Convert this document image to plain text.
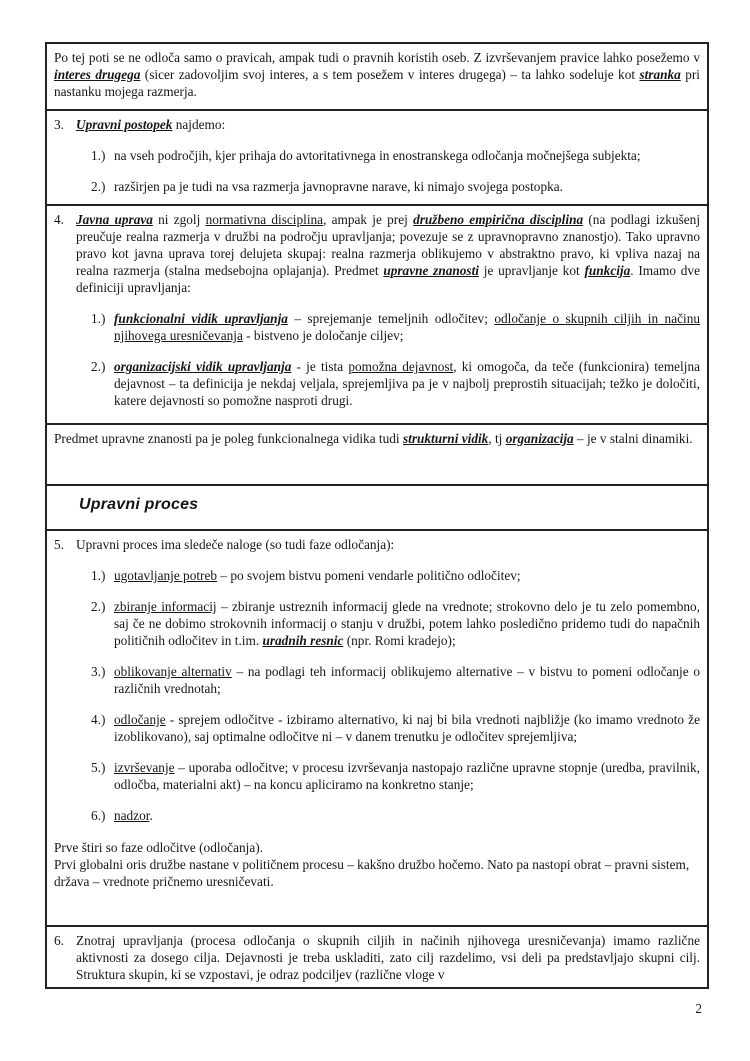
Po tej poti se ne odloča samo o pravicah, ampak tudi o pravnih koristih oseb. Z izvrševanjem pravice lahko posežemo v interes drugega (sicer zadovoljim svoj interes, a s tem posežem v interes drugega) – ta lahko sodeluje kot stranka pri nastanku mojega razmerja.

3. Upravni postopek najdemo:

1.) na vseh področjih, kjer prihaja do avtoritativnega in enostranskega odločanja močnejšega subjekta;

2.) razširjen pa je tudi na vsa razmerja javnopravne narave, ki nimajo svojega postopka.

4. Javna uprava ni zgolj normativna disciplina, ampak je prej družbeno empirična disciplina (na podlagi izkušenj preučuje realna razmerja v družbi na področju upravljanja; povezuje se z upravnopravno znanostjo). Tako upravno pravo kot javna uprava torej delujeta skupaj: realna razmerja oblikujemo v abstraktno pravo, ki vpliva nazaj na realna razmerja (stalna medsebojna oplajanja). Predmet upravne znanosti je upravljanje kot funkcija. Imamo dve definiciji upravljanja:

1.) funkcionalni vidik upravljanja – sprejemanje temeljnih odločitev; odločanje o skupnih ciljih in načinu njihovega uresničevanja - bistveno je določanje ciljev;

2.) organizacijski vidik upravljanja - je tista pomožna dejavnost, ki omogoča, da teče (funkcionira) temeljna dejavnost – ta definicija je nekdaj veljala, sprejemljiva pa je v najbolj preprostih situacijah; težko je določiti, katere dejavnosti so pomožne nasproti drugi.

Predmet upravne znanosti pa je poleg funkcionalnega vidika tudi strukturni vidik, tj organizacija – je v stalni dinamiki.

Upravni proces
5. Upravni proces ima sledeče naloge (so tudi faze odločanja):

1.) ugotavljanje potreb – po svojem bistvu pomeni vendarle politično odločitev;

2.) zbiranje informacij – zbiranje ustreznih informacij glede na vrednote; strokovno delo je tu zelo pomembno, saj če ne dobimo strokovnih informacij o stanju v družbi, potem lahko posledično pridemo tudi do napačnih političnih odločitev in t.im. uradnih resnic (npr. Romi kradejo);

3.) oblikovanje alternativ – na podlagi teh informacij oblikujemo alternative – v bistvu to pomeni odločanje o različnih vrednotah;

4.) odločanje - sprejem odločitve - izbiramo alternativo, ki naj bi bila vrednoti najbližje (ko imamo vrednoto že izoblikovano), saj optimalne odločitve ni – v danem trenutku je odločitev sprejemljiva;

5.) izvrševanje – uporaba odločitve; v procesu izvrševanja nastopajo različne upravne stopnje (uredba, pravilnik, odločba, materialni akt) – na koncu apliciramo na konkretno stanje;

6.) nadzor.

Prve štiri so faze odločitve (odločanja).

Prvi globalni oris družbe nastane v političnem procesu – kakšno družbo hočemo. Nato pa nastopi obrat – pravni sistem, država – vrednote pričnemo uresničevati.

6. Znotraj upravljanja (procesa odločanja o skupnih ciljih in načinih njihovega uresničevanja) imamo različne aktivnosti za dosego cilja. Dejavnosti je treba uskladiti, zato cilj razdelimo, vsi deli pa predstavljajo skupni cilj. Struktura skupin, ki se vzpostavi, je odraz podciljev (različne vloge v

2
